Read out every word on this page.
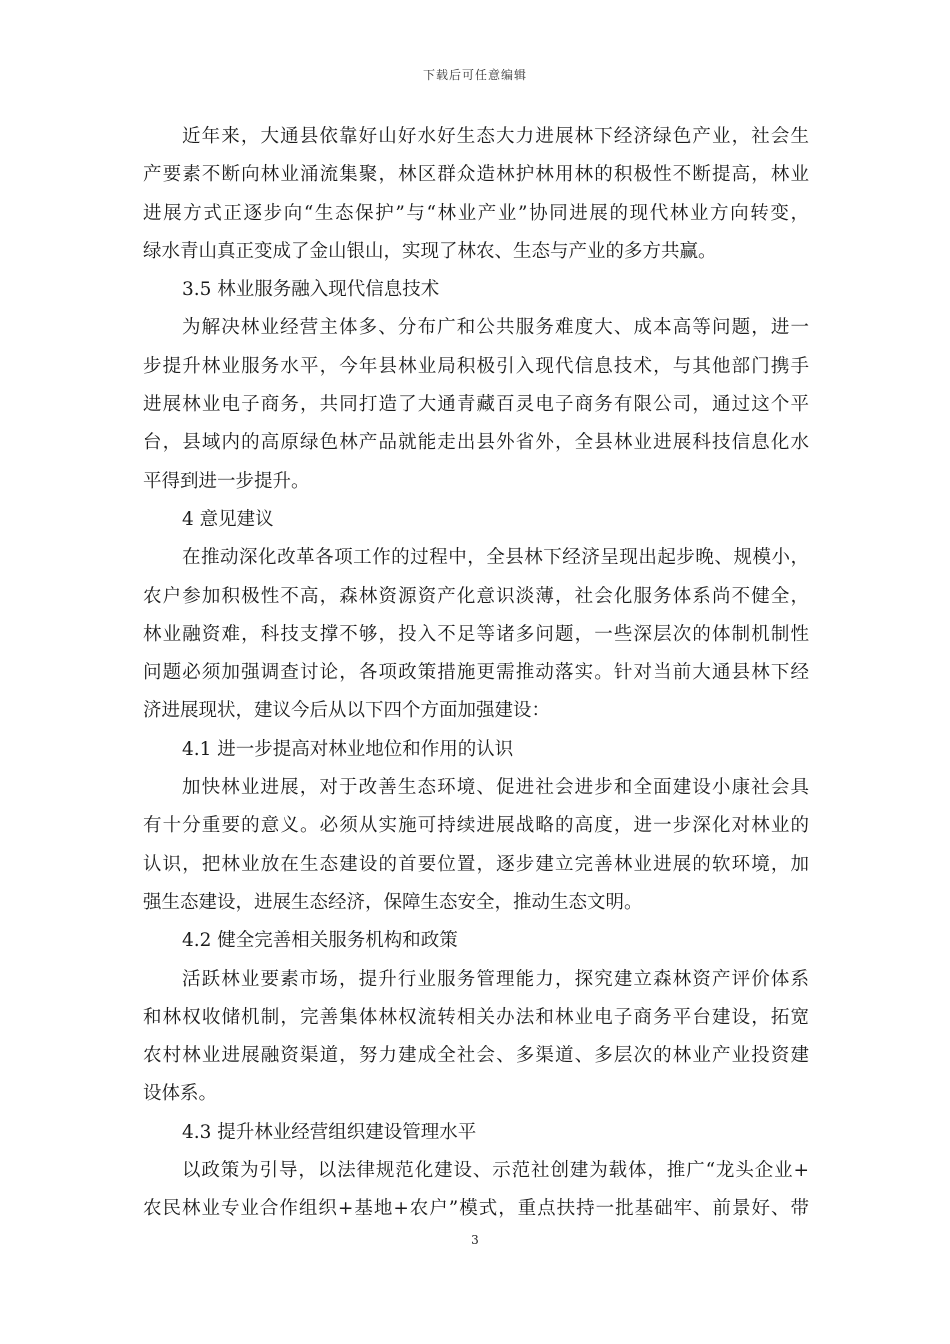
下载后可任意编辑
近年来，大通县依靠好山好水好生态大力进展林下经济绿色产业，社会生
产要素不断向林业涌流集聚，林区群众造林护林用林的积极性不断提高，林业
进展方式正逐步向“生态保护”与“林业产业”协同进展的现代林业方向转变，
绿水青山真正变成了金山银山，实现了林农、生态与产业的多方共赢。
3.5 林业服务融入现代信息技术
为解决林业经营主体多、分布广和公共服务难度大、成本高等问题，进一
步提升林业服务水平，今年县林业局积极引入现代信息技术，与其他部门携手
进展林业电子商务，共同打造了大通青藏百灵电子商务有限公司，通过这个平
台，县域内的高原绿色林产品就能走出县外省外，全县林业进展科技信息化水
平得到进一步提升。
4 意见建议
在推动深化改革各项工作的过程中，全县林下经济呈现出起步晚、规模小，
农户参加积极性不高，森林资源资产化意识淡薄，社会化服务体系尚不健全，
林业融资难，科技支撑不够，投入不足等诸多问题，一些深层次的体制机制性
问题必须加强调查讨论，各项政策措施更需推动落实。针对当前大通县林下经
济进展现状，建议今后从以下四个方面加强建设：
4.1 进一步提高对林业地位和作用的认识
加快林业进展，对于改善生态环境、促进社会进步和全面建设小康社会具
有十分重要的意义。必须从实施可持续进展战略的高度，进一步深化对林业的
认识，把林业放在生态建设的首要位置，逐步建立完善林业进展的软环境，加
强生态建设，进展生态经济，保障生态安全，推动生态文明。
4.2 健全完善相关服务机构和政策
活跃林业要素市场，提升行业服务管理能力，探究建立森林资产评价体系
和林权收储机制，完善集体林权流转相关办法和林业电子商务平台建设，拓宽
农村林业进展融资渠道，努力建成全社会、多渠道、多层次的林业产业投资建
设体系。
4.3 提升林业经营组织建设管理水平
以政策为引导，以法律规范化建设、示范社创建为载体，推广“龙头企业+
农民林业专业合作组织+基地+农户”模式，重点扶持一批基础牢、前景好、带
3
